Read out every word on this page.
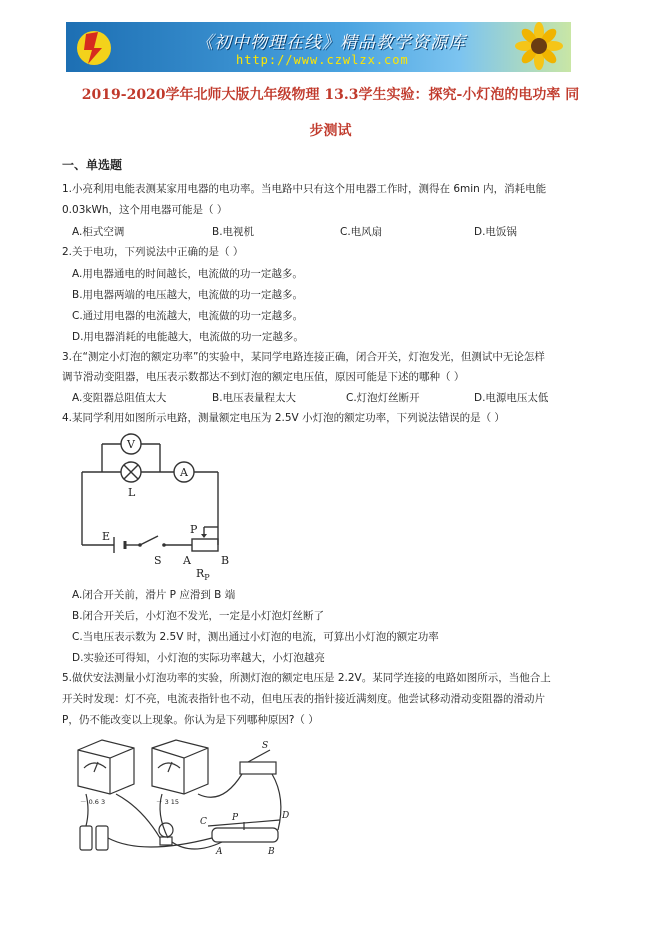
《初中物理在线》精品教学资源库
http://www.czwlzx.com
2019-2020学年北师大版九年级物理 13.3学生实验：探究-小灯泡的电功率 同
步测试
一、单选题
1.小亮利用电能表测某家用电器的电功率。当电路中只有这个用电器工作时，测得在 6min 内，消耗电能
0.03kWh，这个用电器可能是（ ）
A.柜式空调	B.电视机	C.电风扇	D.电饭锅
2.关于电功，下列说法中正确的是（ ）
A.用电器通电的时间越长，电流做的功一定越多。
B.用电器两端的电压越大，电流做的功一定越多。
C.通过用电器的电流越大，电流做的功一定越多。
D.用电器消耗的电能越大，电流做的功一定越多。
3.在“测定小灯泡的额定功率”的实验中，某同学电路连接正确，闭合开关，灯泡发光，但测试中无论怎样
调节滑动变阻器，电压表示数都达不到灯泡的额定电压值，原因可能是下述的哪种（ ）
A.变阻器总阻值太大	B.电压表量程太大	C.灯泡灯丝断开	D.电源电压太低
4.某同学利用如图所示电路，测量额定电压为 2.5V 小灯泡的额定功率，下列说法错误的是（ ）
V
A
L
E
S
P
A	B
$R_P$
A.闭合开关前，滑片 P 应滑到 B 端
B.闭合开关后，小灯泡不发光，一定是小灯泡灯丝断了
C.当电压表示数为 2.5V 时，测出通过小灯泡的电流，可算出小灯泡的额定功率
D.实验还可得知，小灯泡的实际功率越大，小灯泡越亮
5.做伏安法测量小灯泡功率的实验，所测灯泡的额定电压是 2.2V。某同学连接的电路如图所示，当他合上
开关时发现：灯不亮，电流表指针也不动，但电压表的指针接近满刻度。他尝试移动滑动变阻器的滑动片
P，仍不能改变以上现象。你认为是下列哪种原因?（ ）
S
C
D
P
A	B
－ 0.6 3	－ 3 15
